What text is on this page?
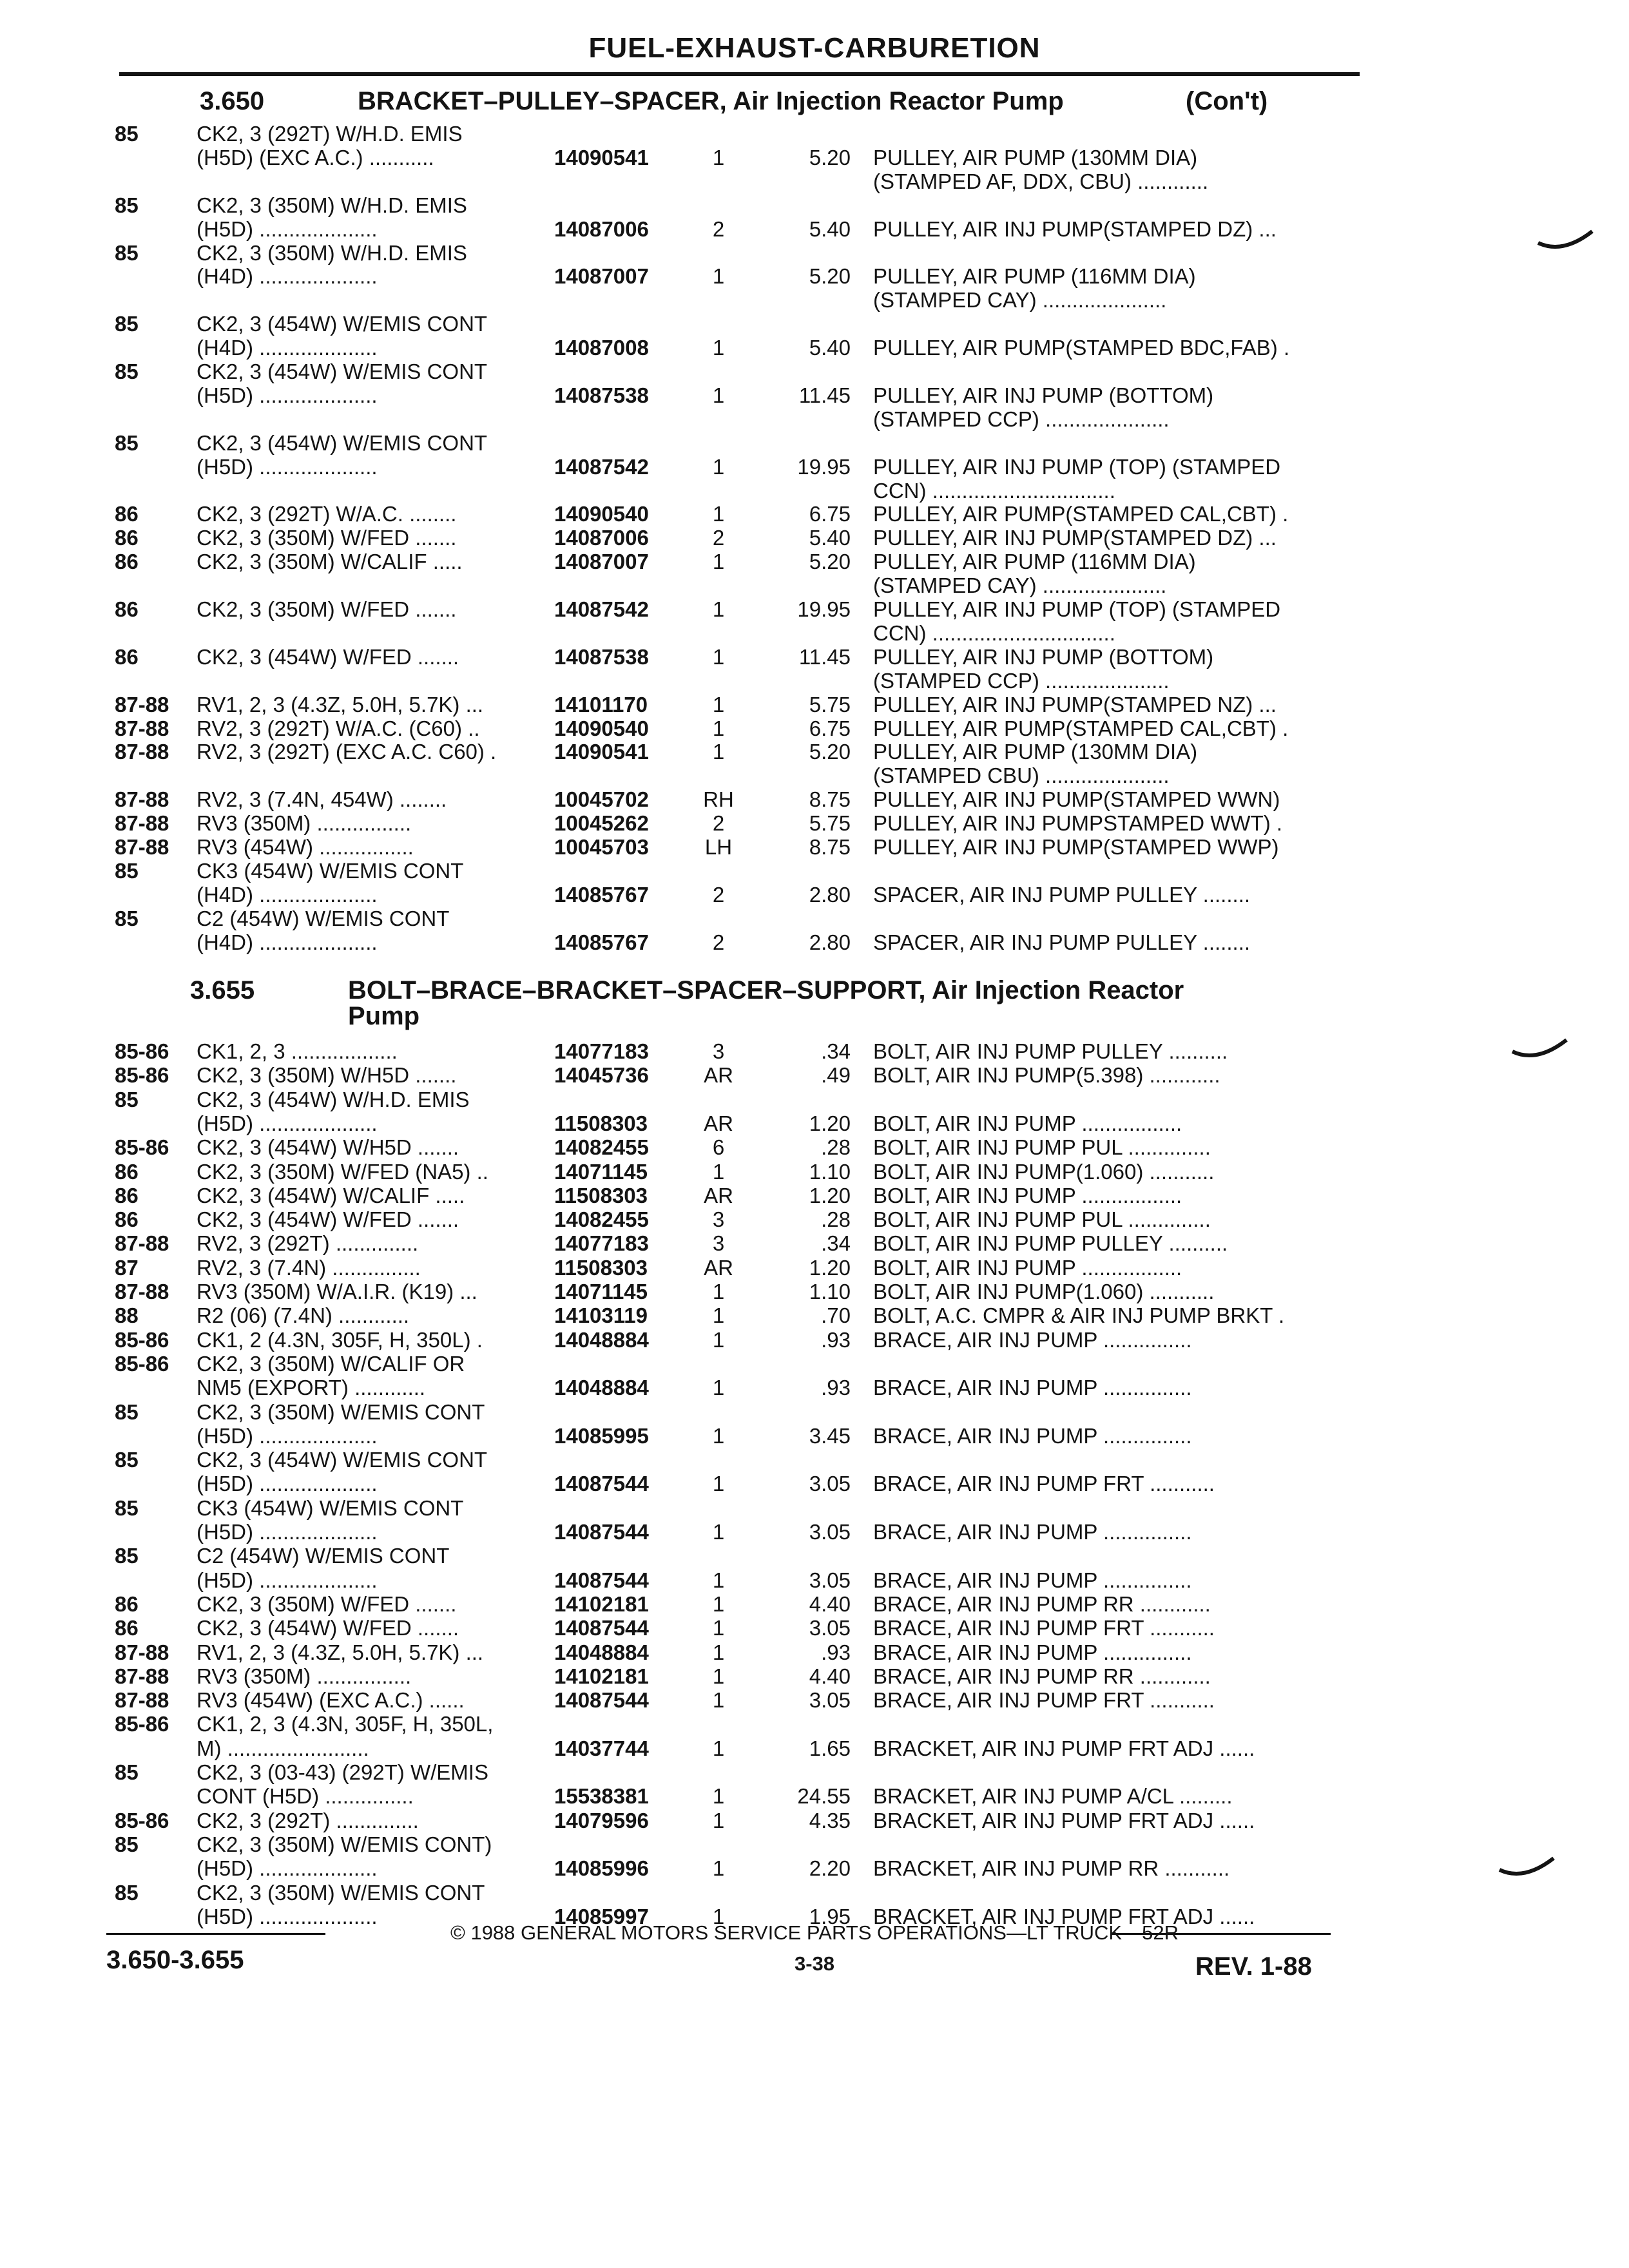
FUEL-EXHAUST-CARBURETION
3.650	BRACKET–PULLEY–SPACER, Air Injection Reactor Pump	(Con't)
3.655	BOLT–BRACE–BRACKET–SPACER–SUPPORT, Air Injection Reactor
Pump
85	CK2, 3 (292T) W/H.D. EMIS
(H5D) (EXC A.C.) ...........	14090541	1	5.20 PULLEY, AIR PUMP (130MM DIA)
(STAMPED AF, DDX, CBU) ............
85	CK2, 3 (350M) W/H.D. EMIS
(H5D) ....................	14087006	2	5.40 PULLEY, AIR INJ PUMP(STAMPED DZ) ...
85	CK2, 3 (350M) W/H.D. EMIS
(H4D) ....................	14087007	1	5.20 PULLEY, AIR PUMP (116MM DIA)
(STAMPED CAY) .....................
85	CK2, 3 (454W) W/EMIS CONT
(H4D) ....................	14087008	1	5.40 PULLEY, AIR PUMP(STAMPED BDC,FAB) .
85	CK2, 3 (454W) W/EMIS CONT
(H5D) ....................	14087538	1	11.45 PULLEY, AIR INJ PUMP (BOTTOM)
(STAMPED CCP) .....................
85	CK2, 3 (454W) W/EMIS CONT
(H5D) ....................	14087542	1	19.95 PULLEY, AIR INJ PUMP (TOP) (STAMPED
CCN) ...............................
86	CK2, 3 (292T) W/A.C. ........	14090540	1	6.75 PULLEY, AIR PUMP(STAMPED CAL,CBT) .
86	CK2, 3 (350M) W/FED .......	14087006	2	5.40 PULLEY, AIR INJ PUMP(STAMPED DZ) ...
86	CK2, 3 (350M) W/CALIF .....	14087007	1	5.20 PULLEY, AIR PUMP (116MM DIA)
(STAMPED CAY) .....................
86	CK2, 3 (350M) W/FED .......	14087542	1	19.95 PULLEY, AIR INJ PUMP (TOP) (STAMPED
CCN) ...............................
86	CK2, 3 (454W) W/FED .......	14087538	1	11.45 PULLEY, AIR INJ PUMP (BOTTOM)
(STAMPED CCP) .....................
87-88 RV1, 2, 3 (4.3Z, 5.0H, 5.7K) ...	14101170	1	5.75 PULLEY, AIR INJ PUMP(STAMPED NZ) ...
87-88 RV2, 3 (292T) W/A.C. (C60) ..	14090540	1	6.75 PULLEY, AIR PUMP(STAMPED CAL,CBT) .
87-88 RV2, 3 (292T) (EXC A.C. C60) .	14090541	1	5.20 PULLEY, AIR PUMP (130MM DIA)
(STAMPED CBU) .....................
87-88 RV2, 3 (7.4N, 454W) ........	10045702	RH	8.75 PULLEY, AIR INJ PUMP(STAMPED WWN)
87-88 RV3 (350M) ................	10045262	2	5.75 PULLEY, AIR INJ PUMPSTAMPED WWT) .
87-88 RV3 (454W) ................	10045703	LH	8.75 PULLEY, AIR INJ PUMP(STAMPED WWP)
85	CK3 (454W) W/EMIS CONT
(H4D) ....................	14085767	2	2.80 SPACER, AIR INJ PUMP PULLEY ........
85	C2 (454W) W/EMIS CONT
(H4D) ....................	14085767	2	2.80 SPACER, AIR INJ PUMP PULLEY ........
85-86 CK1, 2, 3 ..................	14077183	3	.34 BOLT, AIR INJ PUMP PULLEY ..........
85-86 CK2, 3 (350M) W/H5D .......	14045736	AR	.49 BOLT, AIR INJ PUMP(5.398) ............
85	CK2, 3 (454W) W/H.D. EMIS
(H5D) ....................	11508303	AR	1.20 BOLT, AIR INJ PUMP .................
85-86 CK2, 3 (454W) W/H5D .......	14082455	6	.28 BOLT, AIR INJ PUMP PUL ..............
86	CK2, 3 (350M) W/FED (NA5) ..	14071145	1	1.10 BOLT, AIR INJ PUMP(1.060) ...........
86	CK2, 3 (454W) W/CALIF .....	11508303	AR	1.20 BOLT, AIR INJ PUMP .................
86	CK2, 3 (454W) W/FED .......	14082455	3	.28 BOLT, AIR INJ PUMP PUL ..............
87-88 RV2, 3 (292T) ..............	14077183	3	.34 BOLT, AIR INJ PUMP PULLEY ..........
87	RV2, 3 (7.4N) ...............	11508303	AR	1.20 BOLT, AIR INJ PUMP .................
87-88 RV3 (350M) W/A.I.R. (K19) ...	14071145	1	1.10 BOLT, AIR INJ PUMP(1.060) ...........
88	R2 (06) (7.4N) ............	14103119	1	.70 BOLT, A.C. CMPR & AIR INJ PUMP BRKT .
85-86 CK1, 2 (4.3N, 305F, H, 350L) .	14048884	1	.93 BRACE, AIR INJ PUMP ...............
85-86 CK2, 3 (350M) W/CALIF OR
NM5 (EXPORT) ............	14048884	1	.93 BRACE, AIR INJ PUMP ...............
85	CK2, 3 (350M) W/EMIS CONT
(H5D) ....................	14085995	1	3.45 BRACE, AIR INJ PUMP ...............
85	CK2, 3 (454W) W/EMIS CONT
(H5D) ....................	14087544	1	3.05 BRACE, AIR INJ PUMP FRT ...........
85	CK3 (454W) W/EMIS CONT
(H5D) ....................	14087544	1	3.05 BRACE, AIR INJ PUMP ...............
85	C2 (454W) W/EMIS CONT
(H5D) ....................	14087544	1	3.05 BRACE, AIR INJ PUMP ...............
86	CK2, 3 (350M) W/FED .......	14102181	1	4.40 BRACE, AIR INJ PUMP RR ............
86	CK2, 3 (454W) W/FED .......	14087544	1	3.05 BRACE, AIR INJ PUMP FRT ...........
87-88 RV1, 2, 3 (4.3Z, 5.0H, 5.7K) ...	14048884	1	.93 BRACE, AIR INJ PUMP ...............
87-88 RV3 (350M) ................	14102181	1	4.40 BRACE, AIR INJ PUMP RR ............
87-88 RV3 (454W) (EXC A.C.) ......	14087544	1	3.05 BRACE, AIR INJ PUMP FRT ...........
85-86 CK1, 2, 3 (4.3N, 305F, H, 350L,
M) ........................	14037744	1	1.65 BRACKET, AIR INJ PUMP FRT ADJ ......
85	CK2, 3 (03-43) (292T) W/EMIS
CONT (H5D) ...............	15538381	1	24.55 BRACKET, AIR INJ PUMP A/CL .........
85-86 CK2, 3 (292T) ..............	14079596	1	4.35 BRACKET, AIR INJ PUMP FRT ADJ ......
85	CK2, 3 (350M) W/EMIS CONT)
(H5D) ....................	14085996	1	2.20 BRACKET, AIR INJ PUMP RR ...........
85	CK2, 3 (350M) W/EMIS CONT
(H5D) ....................	14085997	1	1.95 BRACKET, AIR INJ PUMP FRT ADJ ......
© 1988 GENERAL MOTORS SERVICE PARTS OPERATIONS—LT TRUCK—52R
3.650-3.655	3-38	REV. 1-88
